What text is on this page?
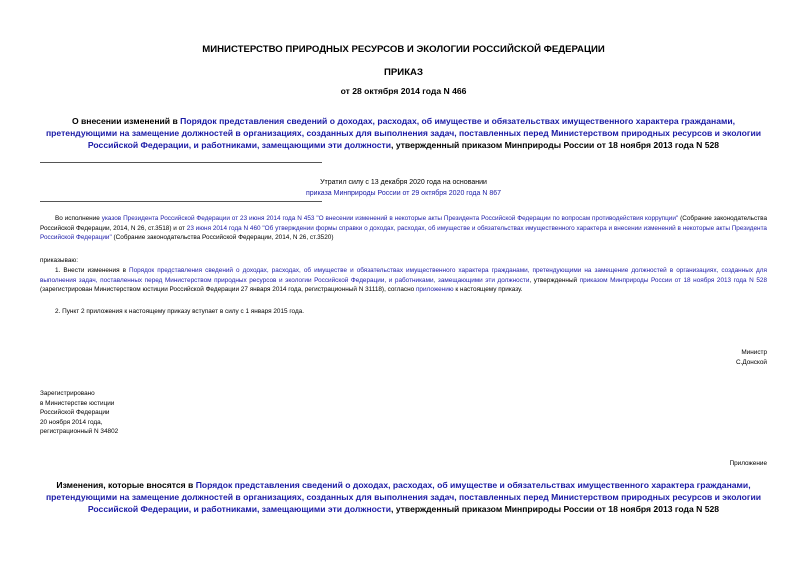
МИНИСТЕРСТВО ПРИРОДНЫХ РЕСУРСОВ И ЭКОЛОГИИ РОССИЙСКОЙ ФЕДЕРАЦИИ
ПРИКАЗ
от 28 октября 2014 года N 466
О внесении изменений в Порядок представления сведений о доходах, расходах, об имуществе и обязательствах имущественного характера гражданами, претендующими на замещение должностей в организациях, созданных для выполнения задач, поставленных перед Министерством природных ресурсов и экологии Российской Федерации, и работниками, замещающими эти должности, утвержденный приказом Минприроды России от 18 ноября 2013 года N 528
Утратил силу с 13 декабря 2020 года на основании
приказа Минприроды России от 29 октября 2020 года N 867
Во исполнение указов Президента Российской Федерации от 23 июня 2014 года N 453 "О внесении изменений в некоторые акты Президента Российской Федерации по вопросам противодействия коррупции" (Собрание законодательства Российской Федерации, 2014, N 26, ст.3518) и от 23 июня 2014 года N 460 "Об утверждении формы справки о доходах, расходах, об имуществе и обязательствах имущественного характера и внесении изменений в некоторые акты Президента Российской Федерации" (Собрание законодательства Российской Федерации, 2014, N 26, ст.3520)
приказываю:
1. Внести изменения в Порядок представления сведений о доходах, расходах, об имуществе и обязательствах имущественного характера гражданами, претендующими на замещение должностей в организациях, созданных для выполнения задач, поставленных перед Министерством природных ресурсов и экологии Российской Федерации, и работниками, замещающими эти должности, утвержденный приказом Минприроды России от 18 ноября 2013 года N 528 (зарегистрирован Министерством юстиции Российской Федерации 27 января 2014 года, регистрационный N 31118), согласно приложению к настоящему приказу.
2. Пункт 2 приложения к настоящему приказу вступает в силу с 1 января 2015 года.
Министр
С.Донской
Зарегистрировано
в Министерстве юстиции
Российской Федерации
20 ноября 2014 года,
регистрационный N 34802
Приложение
Изменения, которые вносятся в Порядок представления сведений о доходах, расходах, об имуществе и обязательствах имущественного характера гражданами, претендующими на замещение должностей в организациях, созданных для выполнения задач, поставленных перед Министерством природных ресурсов и экологии Российской Федерации, и работниками, замещающими эти должности, утвержденный приказом Минприроды России от 18 ноября 2013 года N 528
